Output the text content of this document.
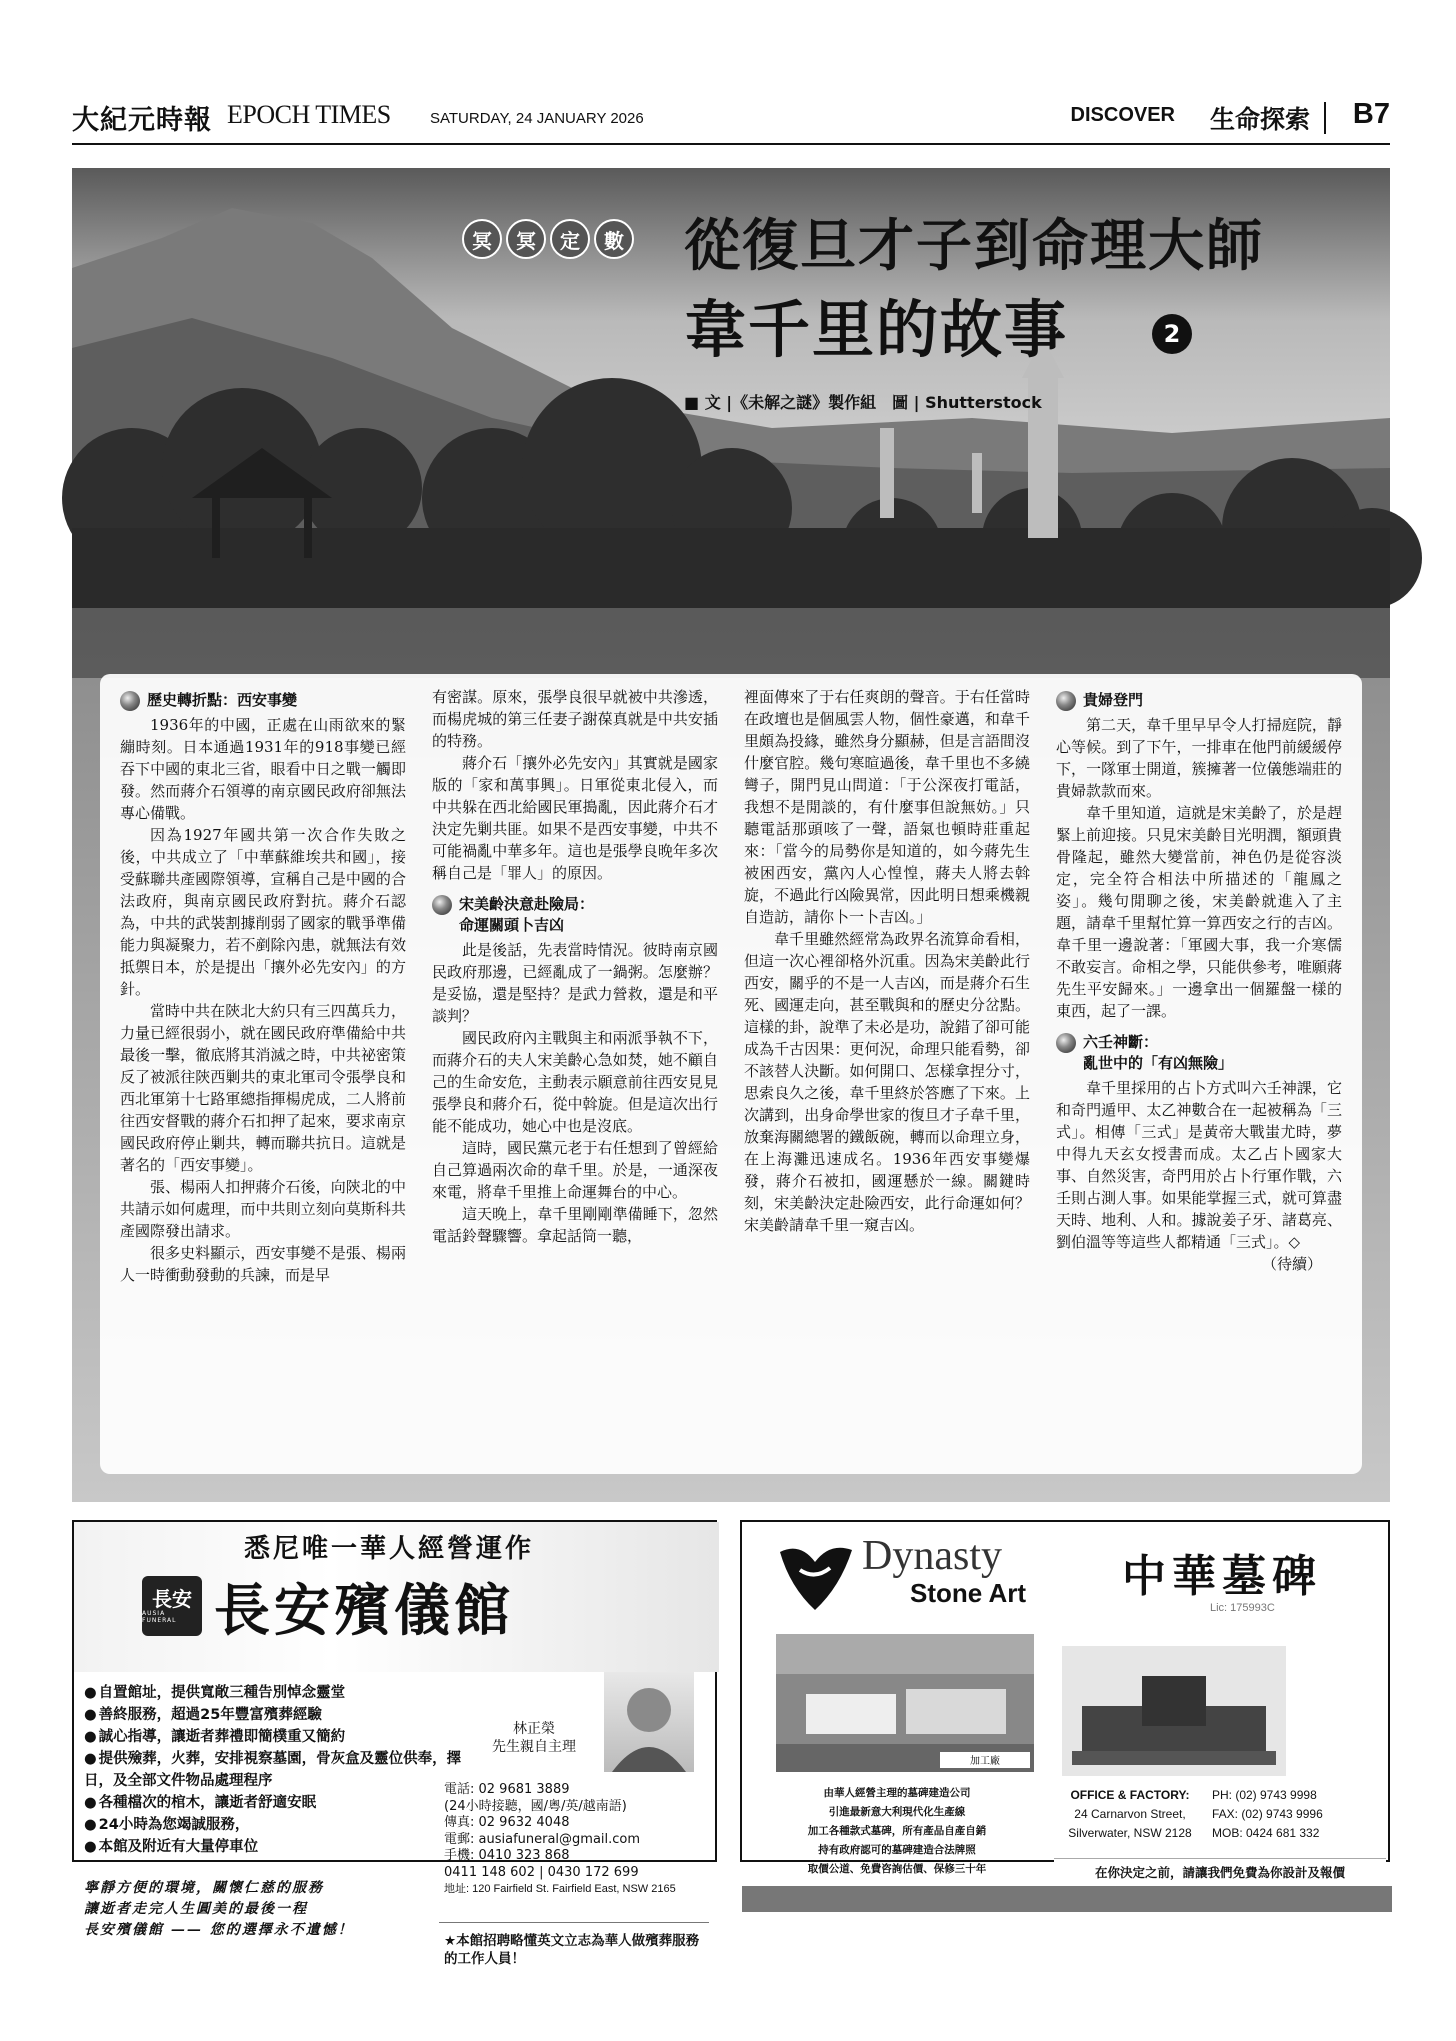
大紀元時報 EPOCH TIMES	SATURDAY, 24 JANUARY 2026	DISCOVER 生命探索 B7
冥	冥	定	數 從復旦才子到命理大師
韋千里的故事	2
■ 文 |《未解之謎》製作組　圖 | Shutterstock
歷史轉折點：西安事變

1936年的中國，正處在山雨欲來的緊繃時刻。日本通過1931年的918事變已經吞下中國的東北三省，眼看中日之戰一觸即發。然而蔣介石領導的南京國民政府卻無法專心備戰。

因為1927年國共第一次合作失敗之後，中共成立了「中華蘇維埃共和國」，接受蘇聯共產國際領導，宣稱自己是中國的合法政府，與南京國民政府對抗。蔣介石認為，中共的武裝割據削弱了國家的戰爭準備能力與凝聚力，若不剷除內患，就無法有效抵禦日本，於是提出「攘外必先安內」的方針。

當時中共在陝北大約只有三四萬兵力，力量已經很弱小，就在國民政府準備給中共最後一擊，徹底將其消滅之時，中共祕密策反了被派往陝西剿共的東北軍司令張學良和西北軍第十七路軍總指揮楊虎成，二人將前往西安督戰的蔣介石扣押了起來，要求南京國民政府停止剿共，轉而聯共抗日。這就是著名的「西安事變」。

張、楊兩人扣押蔣介石後，向陝北的中共請示如何處理，而中共則立刻向莫斯科共產國際發出請求。

很多史料顯示，西安事變不是張、楊兩人一時衝動發動的兵諫，而是早

有密謀。原來，張學良很早就被中共滲透，而楊虎城的第三任妻子謝葆真就是中共安插的特務。

蔣介石「攘外必先安內」其實就是國家版的「家和萬事興」。日軍從東北侵入，而中共躲在西北給國民軍搗亂，因此蔣介石才決定先剿共匪。如果不是西安事變，中共不可能禍亂中華多年。這也是張學良晚年多次稱自己是「罪人」的原因。

宋美齡決意赴險局：
命運關頭卜吉凶

此是後話，先表當時情況。彼時南京國民政府那邊，已經亂成了一鍋粥。怎麼辦？是妥協，還是堅持？是武力營救，還是和平談判？

國民政府內主戰與主和兩派爭執不下，而蔣介石的夫人宋美齡心急如焚，她不顧自己的生命安危，主動表示願意前往西安見見張學良和蔣介石，從中斡旋。但是這次出行能不能成功，她心中也是沒底。

這時，國民黨元老于右任想到了曾經給自己算過兩次命的韋千里。於是，一通深夜來電，將韋千里推上命運舞台的中心。

這天晚上，韋千里剛剛準備睡下，忽然電話鈴聲驟響。拿起話筒一聽，

裡面傳來了于右任爽朗的聲音。于右任當時在政壇也是個風雲人物，個性豪邁，和韋千里頗為投緣，雖然身分顯赫，但是言語間沒什麼官腔。幾句寒暄過後，韋千里也不多繞彎子，開門見山問道：「于公深夜打電話，我想不是閒談的，有什麼事但說無妨。」只聽電話那頭咳了一聲，語氣也頓時莊重起來：「當今的局勢你是知道的，如今蔣先生被困西安，黨內人心惶惶，蔣夫人將去斡旋，不過此行凶險異常，因此明日想乘機親自造訪，請你卜一卜吉凶。」

韋千里雖然經常為政界名流算命看相，但這一次心裡卻格外沉重。因為宋美齡此行西安，關乎的不是一人吉凶，而是蔣介石生死、國運走向，甚至戰與和的歷史分岔點。這樣的卦，說準了未必是功，說錯了卻可能成為千古因果：更何況，命理只能看勢，卻不該替人決斷。如何開口、怎樣拿捏分寸，思索良久之後，韋千里終於答應了下來。上次講到，出身命學世家的復旦才子韋千里，放棄海關總署的鐵飯碗，轉而以命理立身，在上海灘迅速成名。1936年西安事變爆發，蔣介石被扣，國運懸於一線。關鍵時刻，宋美齡決定赴險西安，此行命運如何？宋美齡請韋千里一窺吉凶。

貴婦登門

第二天，韋千里早早令人打掃庭院，靜心等候。到了下午，一排車在他門前緩緩停下，一隊軍士開道，簇擁著一位儀態端莊的貴婦款款而來。

韋千里知道，這就是宋美齡了，於是趕緊上前迎接。只見宋美齡目光明潤，額頭貴骨隆起，雖然大變當前，神色仍是從容淡定，完全符合相法中所描述的「龍鳳之姿」。幾句閒聊之後，宋美齡就進入了主題，請韋千里幫忙算一算西安之行的吉凶。韋千里一邊說著：「軍國大事，我一介寒儒不敢妄言。命相之學，只能供參考，唯願蔣先生平安歸來。」一邊拿出一個羅盤一樣的東西，起了一課。

六壬神斷：
亂世中的「有凶無險」

韋千里採用的占卜方式叫六壬神課，它和奇門遁甲、太乙神數合在一起被稱為「三式」。相傳「三式」是黃帝大戰蚩尤時，夢中得九天玄女授書而成。太乙占卜國家大事、自然災害，奇門用於占卜行軍作戰，六壬則占測人事。如果能掌握三式，就可算盡天時、地利、人和。據說姜子牙、諸葛亮、劉伯溫等等這些人都精通「三式」。◇

（待續）

悉尼唯一華人經營運作
長安
AUSIA FUNERAL 長安殯儀館
● 自置館址，提供寬敞三種告別悼念靈堂
● 善終服務，超過25年豐富殯葬經驗
● 誠心指導，讓逝者葬禮即簡樸重又簡約
● 提供殮葬，火葬，安排視察墓園，骨灰盒及靈位供奉，擇日，及全部文件物品處理程序
● 各種檔次的棺木，讓逝者舒適安眠
● 24小時為您竭誠服務，
● 本館及附近有大量停車位
林正榮
先生親自主理
電話: 02 9681 3889
(24小時接聽，國/粵/英/越南語)
傳真: 02 9632 4048
電郵: ausiafuneral@gmail.com
手機: 0410 323 868
0411 148 602 | 0430 172 699
地址: 120 Fairfield St. Fairfield East, NSW 2165
寧靜方便的環境，關懷仁慈的服務
讓逝者走完人生圓美的最後一程
長安殯儀館 —— 您的選擇永不遺憾！
★本館招聘略懂英文立志為華人做殯葬服務的工作人員！
Dynasty
Stone Art 中華墓碑
Lic: 175993C
加工廠
由華人經營主理的墓碑建造公司
引進最新意大利現代化生產線
加工各種款式墓碑，所有產品自產自銷
持有政府認可的墓碑建造合法牌照
取價公道、免費咨詢估價、保修三十年
OFFICE & FACTORY:
24 Carnarvon Street,
Silverwater, NSW 2128
PH: (02) 9743 9998
FAX: (02) 9743 9996
MOB: 0424 681 332
在你決定之前，請讓我們免費為你設計及報價
